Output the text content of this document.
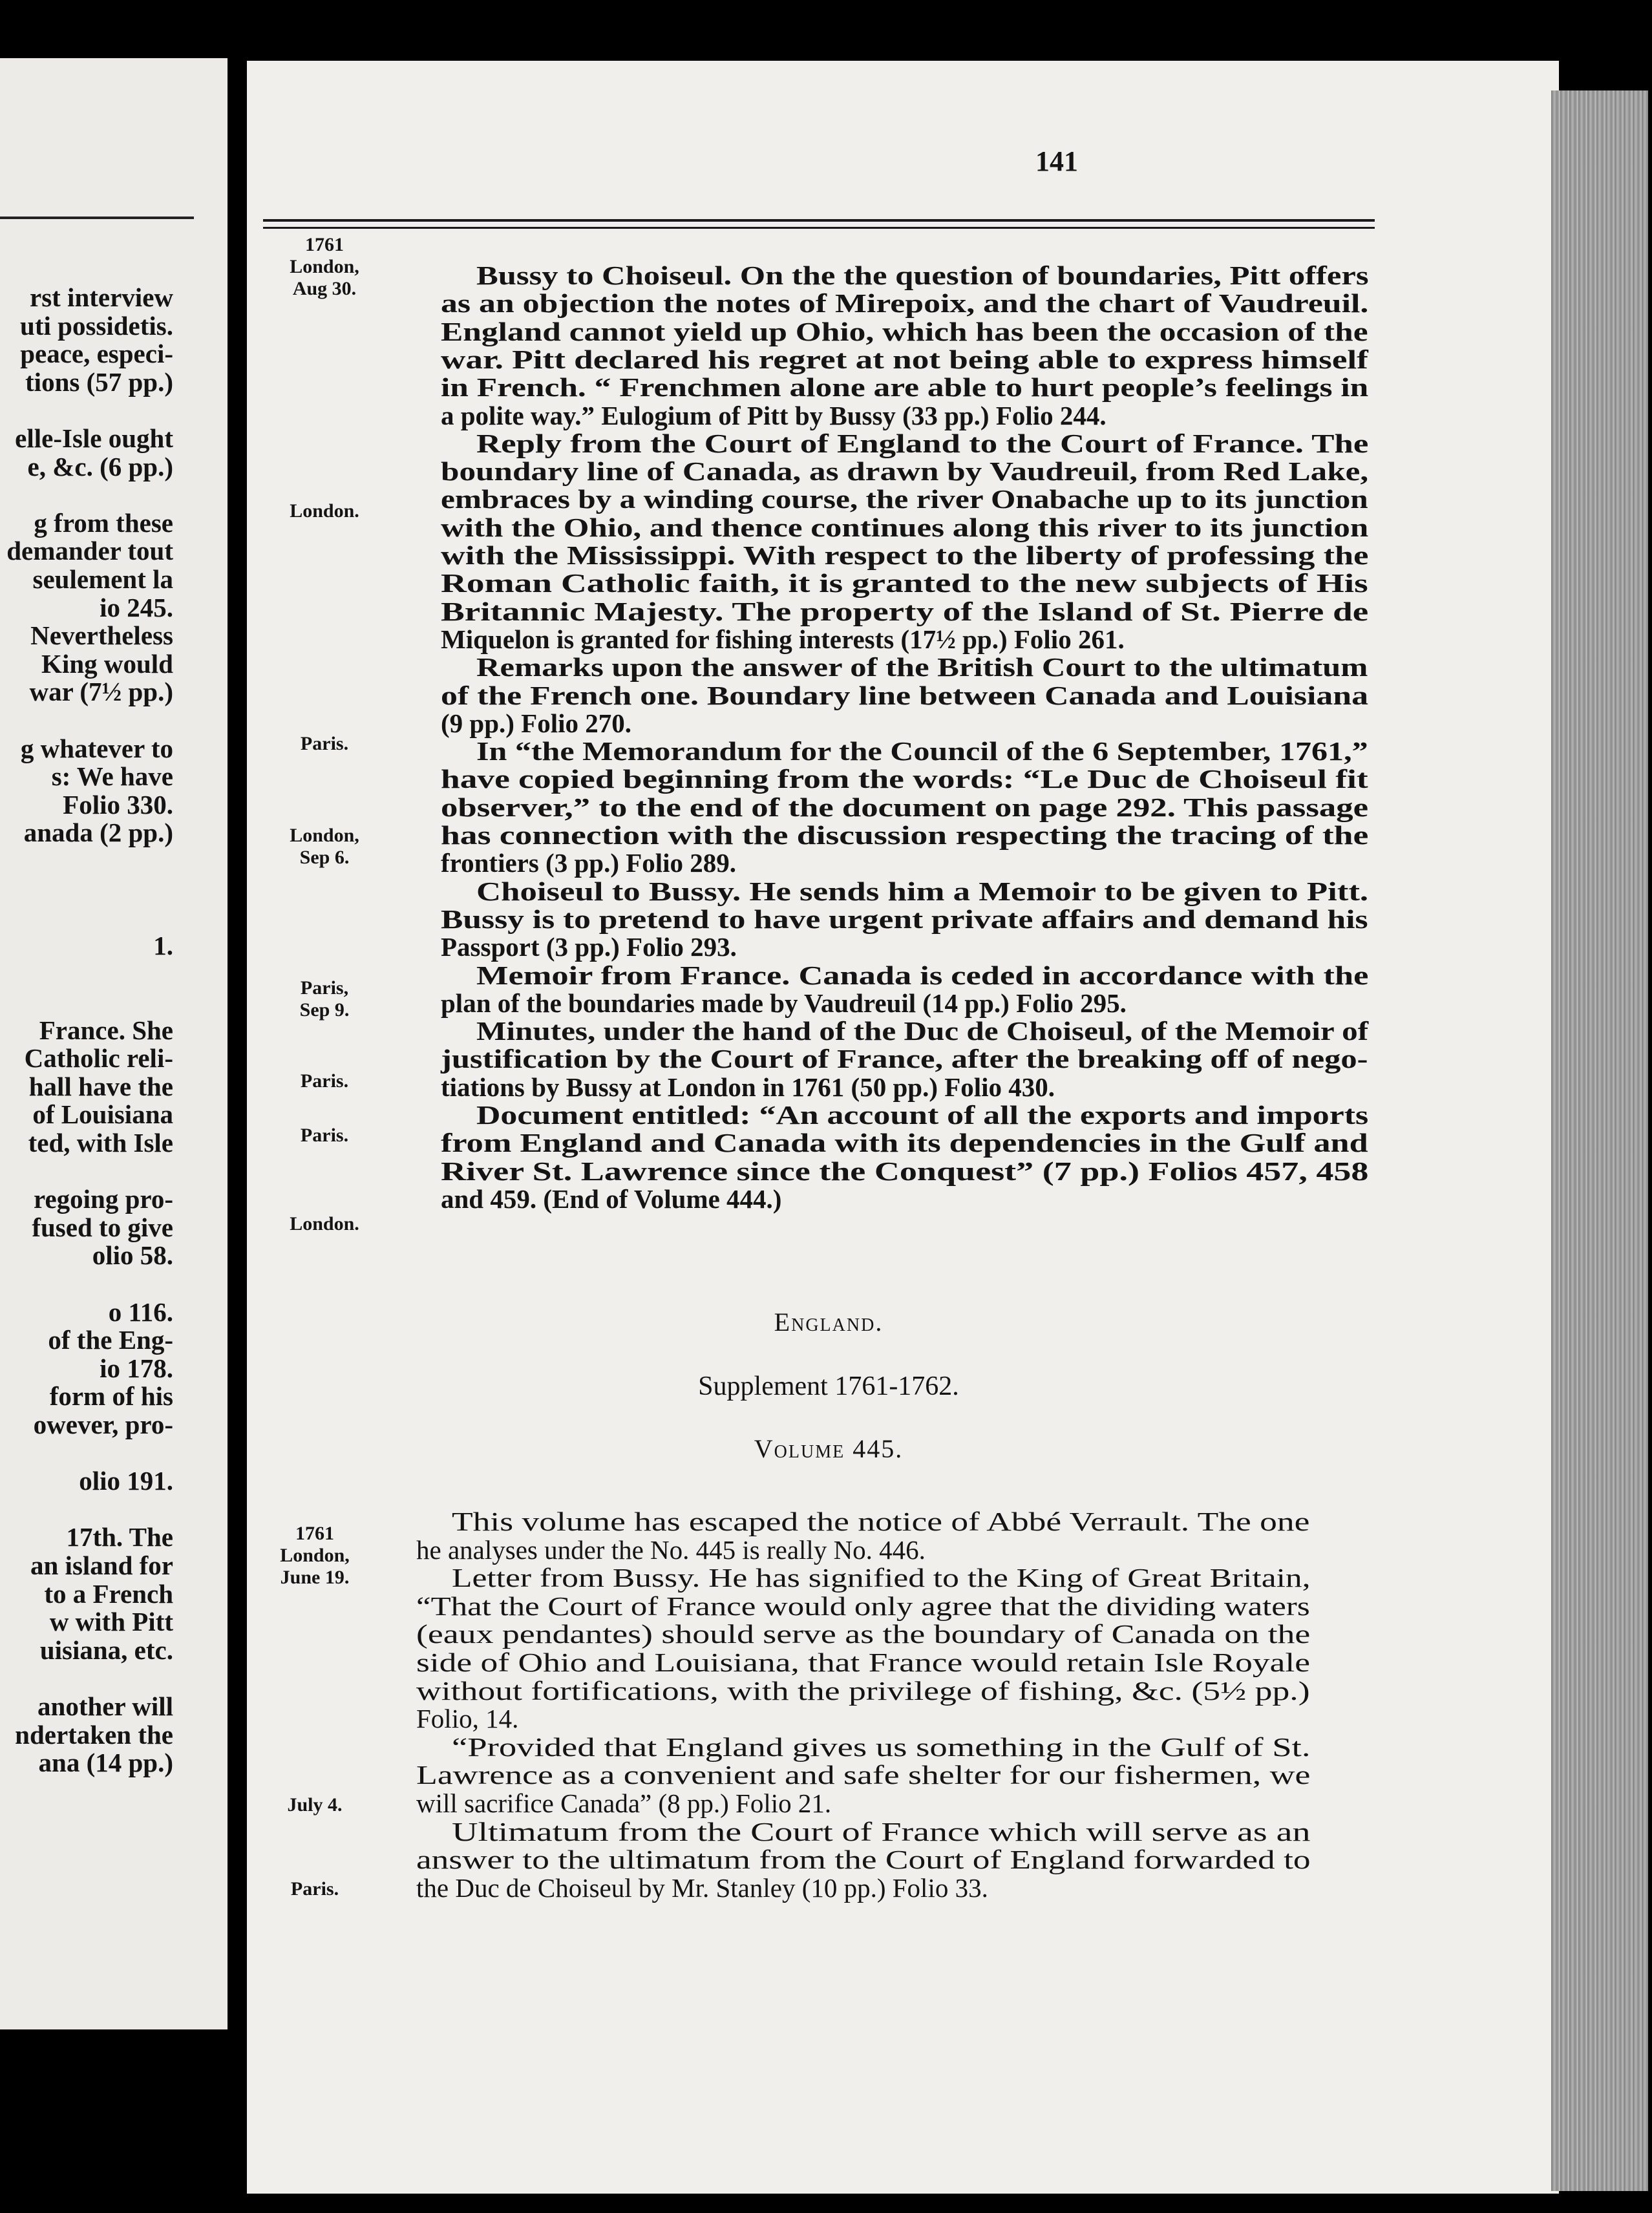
rst interview
uti possidetis.
peace, especi-
tions (57 pp.)
elle-Isle ought
e, &c. (6 pp.)
g from these
demander tout
seulement la
io 245.
Nevertheless
King would
war (7½ pp.)
g whatever to
s: We have
Folio 330.
anada (2 pp.)
1.
France. She
Catholic reli-
hall have the
of Louisiana
ted, with Isle
regoing pro-
fused to give
olio 58.
o 116.
of the Eng-
io 178.
form of his
owever, pro-
olio 191.
17th. The
an island for
to a French
w with Pitt
uisiana, etc.
another will
ndertaken the
ana (14 pp.)
141
1761
London,
Aug 30.
London.
Paris.
London,
Sep 6.
Paris,
Sep 9.
Paris.
Paris.
London.
1761
London,
June 19.
July 4.
Paris.
Bussy to Choiseul. On the the question of boundaries, Pitt offers
as an objection the notes of Mirepoix, and the chart of Vaudreuil.
England cannot yield up Ohio, which has been the occasion of the
war. Pitt declared his regret at not being able to express himself
in French. “ Frenchmen alone are able to hurt people’s feelings in
a polite way.” Eulogium of Pitt by Bussy (33 pp.) Folio 244.
Reply from the Court of England to the Court of France. The
boundary line of Canada, as drawn by Vaudreuil, from Red Lake,
embraces by a winding course, the river Onabache up to its junction
with the Ohio, and thence continues along this river to its junction
with the Mississippi. With respect to the liberty of professing the
Roman Catholic faith, it is granted to the new subjects of His
Britannic Majesty. The property of the Island of St. Pierre de
Miquelon is granted for fishing interests (17½ pp.) Folio 261.
Remarks upon the answer of the British Court to the ultimatum
of the French one. Boundary line between Canada and Louisiana
(9 pp.) Folio 270.
In “the Memorandum for the Council of the 6 September, 1761,”
have copied beginning from the words: “Le Duc de Choiseul fit
observer,” to the end of the document on page 292. This passage
has connection with the discussion respecting the tracing of the
frontiers (3 pp.) Folio 289.
Choiseul to Bussy. He sends him a Memoir to be given to Pitt.
Bussy is to pretend to have urgent private affairs and demand his
Passport (3 pp.) Folio 293.
Memoir from France. Canada is ceded in accordance with the
plan of the boundaries made by Vaudreuil (14 pp.) Folio 295.
Minutes, under the hand of the Duc de Choiseul, of the Memoir of
justification by the Court of France, after the breaking off of nego-
tiations by Bussy at London in 1761 (50 pp.) Folio 430.
Document entitled: “An account of all the exports and imports
from England and Canada with its dependencies in the Gulf and
River St. Lawrence since the Conquest” (7 pp.) Folios 457, 458
and 459. (End of Volume 444.)
England.
Supplement 1761-1762.
Volume 445.
This volume has escaped the notice of Abbé Verrault. The one
he analyses under the No. 445 is really No. 446.
Letter from Bussy. He has signified to the King of Great Britain,
“That the Court of France would only agree that the dividing waters
(eaux pendantes) should serve as the boundary of Canada on the
side of Ohio and Louisiana, that France would retain Isle Royale
without fortifications, with the privilege of fishing, &c. (5½ pp.)
Folio, 14.
“Provided that England gives us something in the Gulf of St.
Lawrence as a convenient and safe shelter for our fishermen, we
will sacrifice Canada” (8 pp.) Folio 21.
Ultimatum from the Court of France which will serve as an
answer to the ultimatum from the Court of England forwarded to
the Duc de Choiseul by Mr. Stanley (10 pp.) Folio 33.
